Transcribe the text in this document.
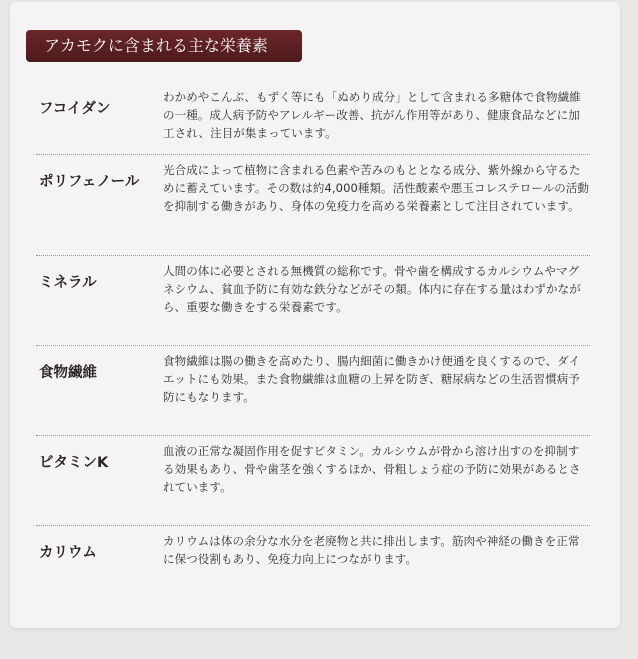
アカモクに含まれる主な栄養素
フコイダン
わかめやこんぶ、もずく等にも「ぬめり成分」として含まれる多糖体で食物繊維の一種。成人病予防やアレルギー改善、抗がん作用等があり、健康食品などに加工され、注目が集まっています。
ポリフェノール
光合成によって植物に含まれる色素や苦みのもととなる成分、紫外線から守るために蓄えています。その数は約4,000種類。活性酸素や悪玉コレステロールの活動を抑制する働きがあり、身体の免疫力を高める栄養素として注目されています。
ミネラル
人間の体に必要とされる無機質の総称です。骨や歯を構成するカルシウムやマグネシウム、貧血予防に有効な鉄分などがその類。体内に存在する量はわずかながら、重要な働きをする栄養素です。
食物繊維
食物繊維は腸の働きを高めたり、腸内細菌に働きかけ便通を良くするので、ダイエットにも効果。また食物繊維は血糖の上昇を防ぎ、糖尿病などの生活習慣病予防にもなります。
ビタミンK
血液の正常な凝固作用を促すビタミン。カルシウムが骨から溶け出すのを抑制する効果もあり、骨や歯茎を強くするほか、骨粗しょう症の予防に効果があるとされています。
カリウム
カリウムは体の余分な水分を老廃物と共に排出します。筋肉や神経の働きを正常に保つ役割もあり、免疫力向上につながります。
